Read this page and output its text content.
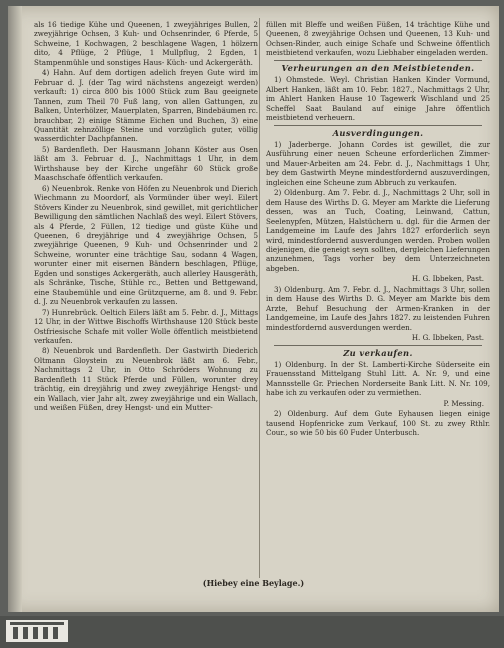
als 16 tiedige Kühe und Queenen, 1 zweyjähriges Bullen, 2 zweyjährige Ochsen, 3 Kuh- und Ochsenrinder, 6 Pferde, 5 Schweine, 1 Kochwagen, 2 beschlagene Wagen, 1 hölzern dito, 4 Pflüge, 2 Pflüge, 1 Mullpflug, 2 Egden, 1 Stampenmühle und sonstiges Haus- Küch- und Ackergeräth.

4) Hahn. Auf dem dortigen adelich freyen Gute wird im Februar d. J. (der Tag wird nächstens angezeigt werden) verkauft: 1) circa 800 bis 1000 Stück zum Bau geeignete Tannen, zum Theil 70 Fuß lang, von allen Gattungen, zu Balken, Unterhölzer, Mauerplaten, Sparren, Bindebäumen rc. brauchbar, 2) einige Stämme Eichen und Buchen, 3) eine Quantität zehnzöllige Steine und vorzüglich guter, völlig wasserdichter Dachpfannen.

5) Bardenfleth. Der Hausmann Johann Köster aus Osen läßt am 3. Februar d. J., Nachmittags 1 Uhr, in dem Wirthshause bey der Kirche ungefähr 60 Stück große Maaschschafe öffentlich verkaufen.

6) Neuenbrok. Renke von Höfen zu Neuenbrok und Dierich Wiechmann zu Moordorf, als Vormünder über weyl. Eilert Stövers Kinder zu Neuenbrok, sind gewillet, mit gerichtlicher Bewilligung den sämtlichen Nachlaß des weyl. Eilert Stövers, als 4 Pferde, 2 Füllen, 12 tiedige und güste Kühe und Queenen, 6 dreyjährige und 4 zweyjährige Ochsen, 5 zweyjährige Queenen, 9 Kuh- und Ochsenrinder und 2 Schweine, worunter eine trächtige Sau, sodann 4 Wagen, worunter einer mit eisernen Bändern beschlagen, Pflüge, Egden und sonstiges Ackergeräth, auch allerley Hausgeräth, als Schränke, Tische, Stühle rc., Betten und Bettgewand, eine Staubemühle und eine Grützquerne, am 8. und 9. Febr. d. J. zu Neuenbrok verkaufen zu lassen.

7) Hunrebrück. Oeltich Eilers läßt am 5. Febr. d. J., Mittags 12 Uhr, in der Wittwe Bischoffs Wirthshause 120 Stück beste Ostfriesische Schafe mit voller Wolle öffentlich meistbietend verkaufen.

8) Neuenbrok und Bardenfleth. Der Gastwirth Diederich Oltmann Gloystein zu Neuenbrok läßt am 6. Febr., Nachmittags 2 Uhr, in Otto Schröders Wohnung zu Bardenfleth 11 Stück Pferde und Füllen, worunter drey trächtig, ein dreyjährig und zwey zweyjährige Hengst- und ein Wallach, vier Jahr alt, zwey zweyjährige und ein Wallach, und weißen Füßen, drey Hengst- und ein Mutter-

füllen mit Bleffe und weißen Füßen, 14 trächtige Kühe und Queenen, 8 zweyjährige Ochsen und Queenen, 13 Kuh- und Ochsen-Rinder, auch einige Schafe und Schweine öffentlich meistbietend verkaufen, wozu Liebhaber eingeladen werden.

Verheurungen an den Meistbietenden.

1) Ohmstede. Weyl. Christian Hanken Kinder Vormund, Albert Hanken, läßt am 10. Febr. 1827., Nachmittags 2 Uhr, im Ahlert Hanken Hause 10 Tagewerk Wischland und 25 Scheffel Saat Bauland auf einige Jahre öffentlich meistbietend verheuern.

Ausverdingungen.

1) Jaderberge. Johann Cordes ist gewillet, die zur Ausführung einer neuen Scheune erforderlichen Zimmer- und Mauer-Arbeiten am 24. Febr. d. J., Nachmittags 1 Uhr, bey dem Gastwirth Meyne mindestfordernd auszuverdingen, ingleichen eine Scheune zum Abbruch zu verkaufen.

2) Oldenburg. Am 7. Febr. d. J., Nachmittags 2 Uhr, soll in dem Hause des Wirths D. G. Meyer am Markte die Lieferung dessen, was an Tuch, Coating, Leinwand, Cattun, Seelenypfen, Mützen, Halstüchern u. dgl. für die Armen der Landgemeine im Laufe des Jahrs 1827 erforderlich seyn wird, mindestfordernd ausverdungen werden. Proben wollen diejenigen, die geneigt seyn sollten, dergleichen Lieferungen anzunehmen, Tags vorher bey dem Unterzeichneten abgeben.

H. G. Ibbeken, Past.

3) Oldenburg. Am 7. Febr. d. J., Nachmittags 3 Uhr, sollen in dem Hause des Wirths D. G. Meyer am Markte bis dem Arzte, Behuf Besuchung der Armen-Kranken in der Landgemeine, im Laufe des Jahrs 1827. zu leistenden Fuhren mindestfordernd ausverdungen werden.

H. G. Ibbeken, Past.

Zu verkaufen.

1) Oldenburg. In der St. Lamberti-Kirche Süderseite ein Frauensstand Mittelgang Stuhl Litt. A. Nr. 9, und eine Mannsstelle Gr. Priechen Norderseite Bank Litt. N. Nr. 109, habe ich zu verkaufen oder zu vermiethen.

P. Messing.

2) Oldenburg. Auf dem Gute Eyhausen liegen einige tausend Hopfenricke zum Verkauf, 100 St. zu zwey Rthlr. Cour., so wie 50 bis 60 Fuder Unterbusch.

(Hiebey eine Beylage.)
